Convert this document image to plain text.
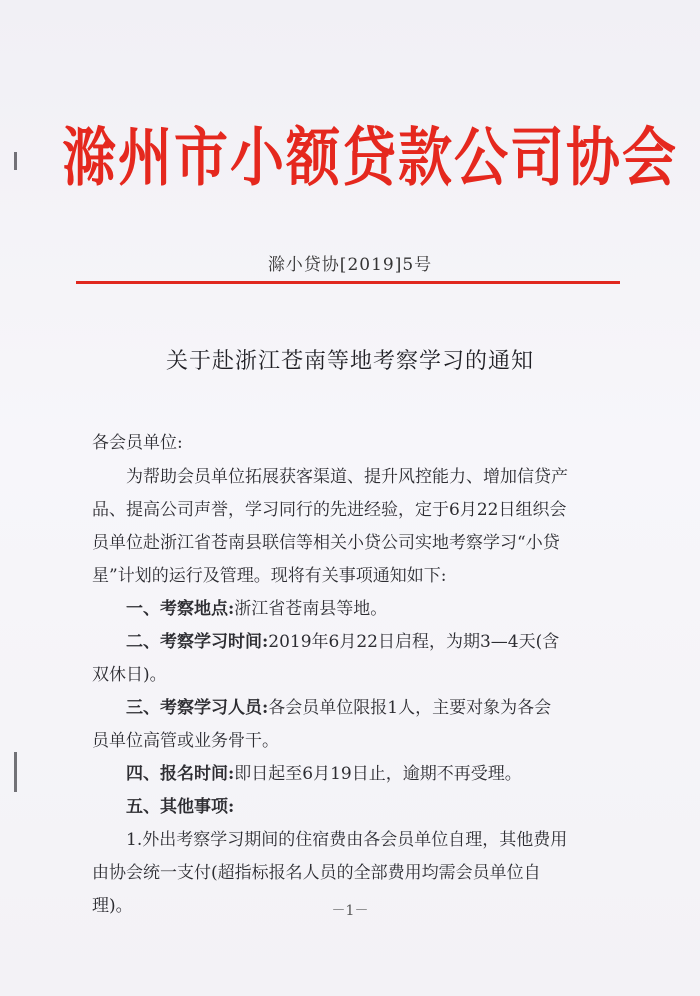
滁州市小额贷款公司协会
滁小贷协[2019]5号
关于赴浙江苍南等地考察学习的通知
各会员单位:
为帮助会员单位拓展获客渠道、提升风控能力、增加信贷产
品、提高公司声誉，学习同行的先进经验，定于6月22日组织会
员单位赴浙江省苍南县联信等相关小贷公司实地考察学习“小贷
星”计划的运行及管理。现将有关事项通知如下:
一、考察地点:浙江省苍南县等地。
二、考察学习时间:2019年6月22日启程，为期3—4天(含
双休日)。
三、考察学习人员:各会员单位限报1人，主要对象为各会
员单位高管或业务骨干。
四、报名时间:即日起至6月19日止，逾期不再受理。
五、其他事项:
1.外出考察学习期间的住宿费由各会员单位自理，其他费用
由协会统一支付(超指标报名人员的全部费用均需会员单位自
理)。	－1－
